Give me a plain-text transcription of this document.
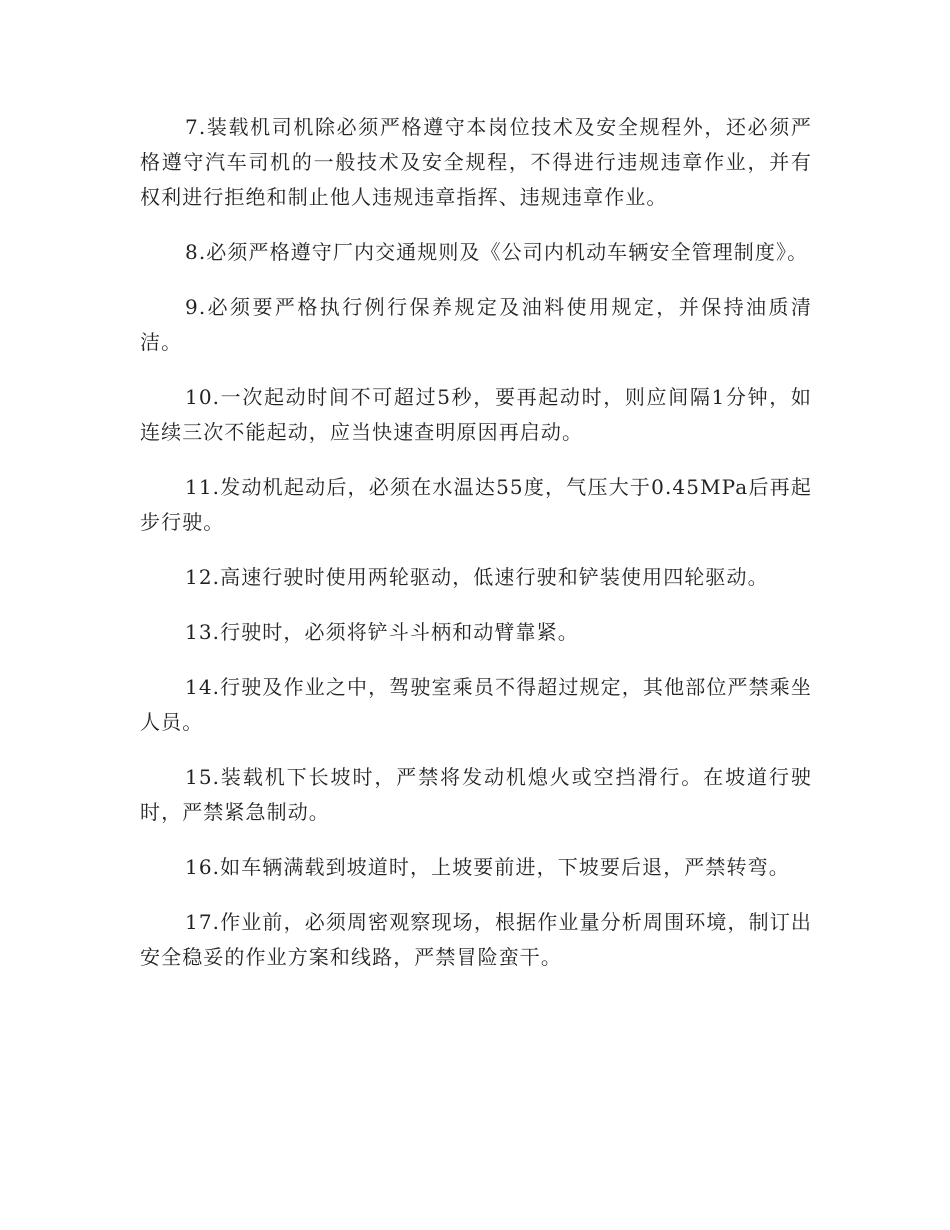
7.装载机司机除必须严格遵守本岗位技术及安全规程外，还必须严格遵守汽车司机的一般技术及安全规程，不得进行违规违章作业，并有权利进行拒绝和制止他人违规违章指挥、违规违章作业。

8.必须严格遵守厂内交通规则及《公司内机动车辆安全管理制度》。

9.必须要严格执行例行保养规定及油料使用规定，并保持油质清洁。

10.一次起动时间不可超过5秒，要再起动时，则应间隔1分钟，如连续三次不能起动，应当快速查明原因再启动。

11.发动机起动后，必须在水温达55度，气压大于0.45MPa后再起步行驶。

12.高速行驶时使用两轮驱动，低速行驶和铲装使用四轮驱动。

13.行驶时，必须将铲斗斗柄和动臂靠紧。

14.行驶及作业之中，驾驶室乘员不得超过规定，其他部位严禁乘坐人员。

15.装载机下长坡时，严禁将发动机熄火或空挡滑行。在坡道行驶时，严禁紧急制动。

16.如车辆满载到坡道时，上坡要前进，下坡要后退，严禁转弯。

17.作业前，必须周密观察现场，根据作业量分析周围环境，制订出安全稳妥的作业方案和线路，严禁冒险蛮干。
